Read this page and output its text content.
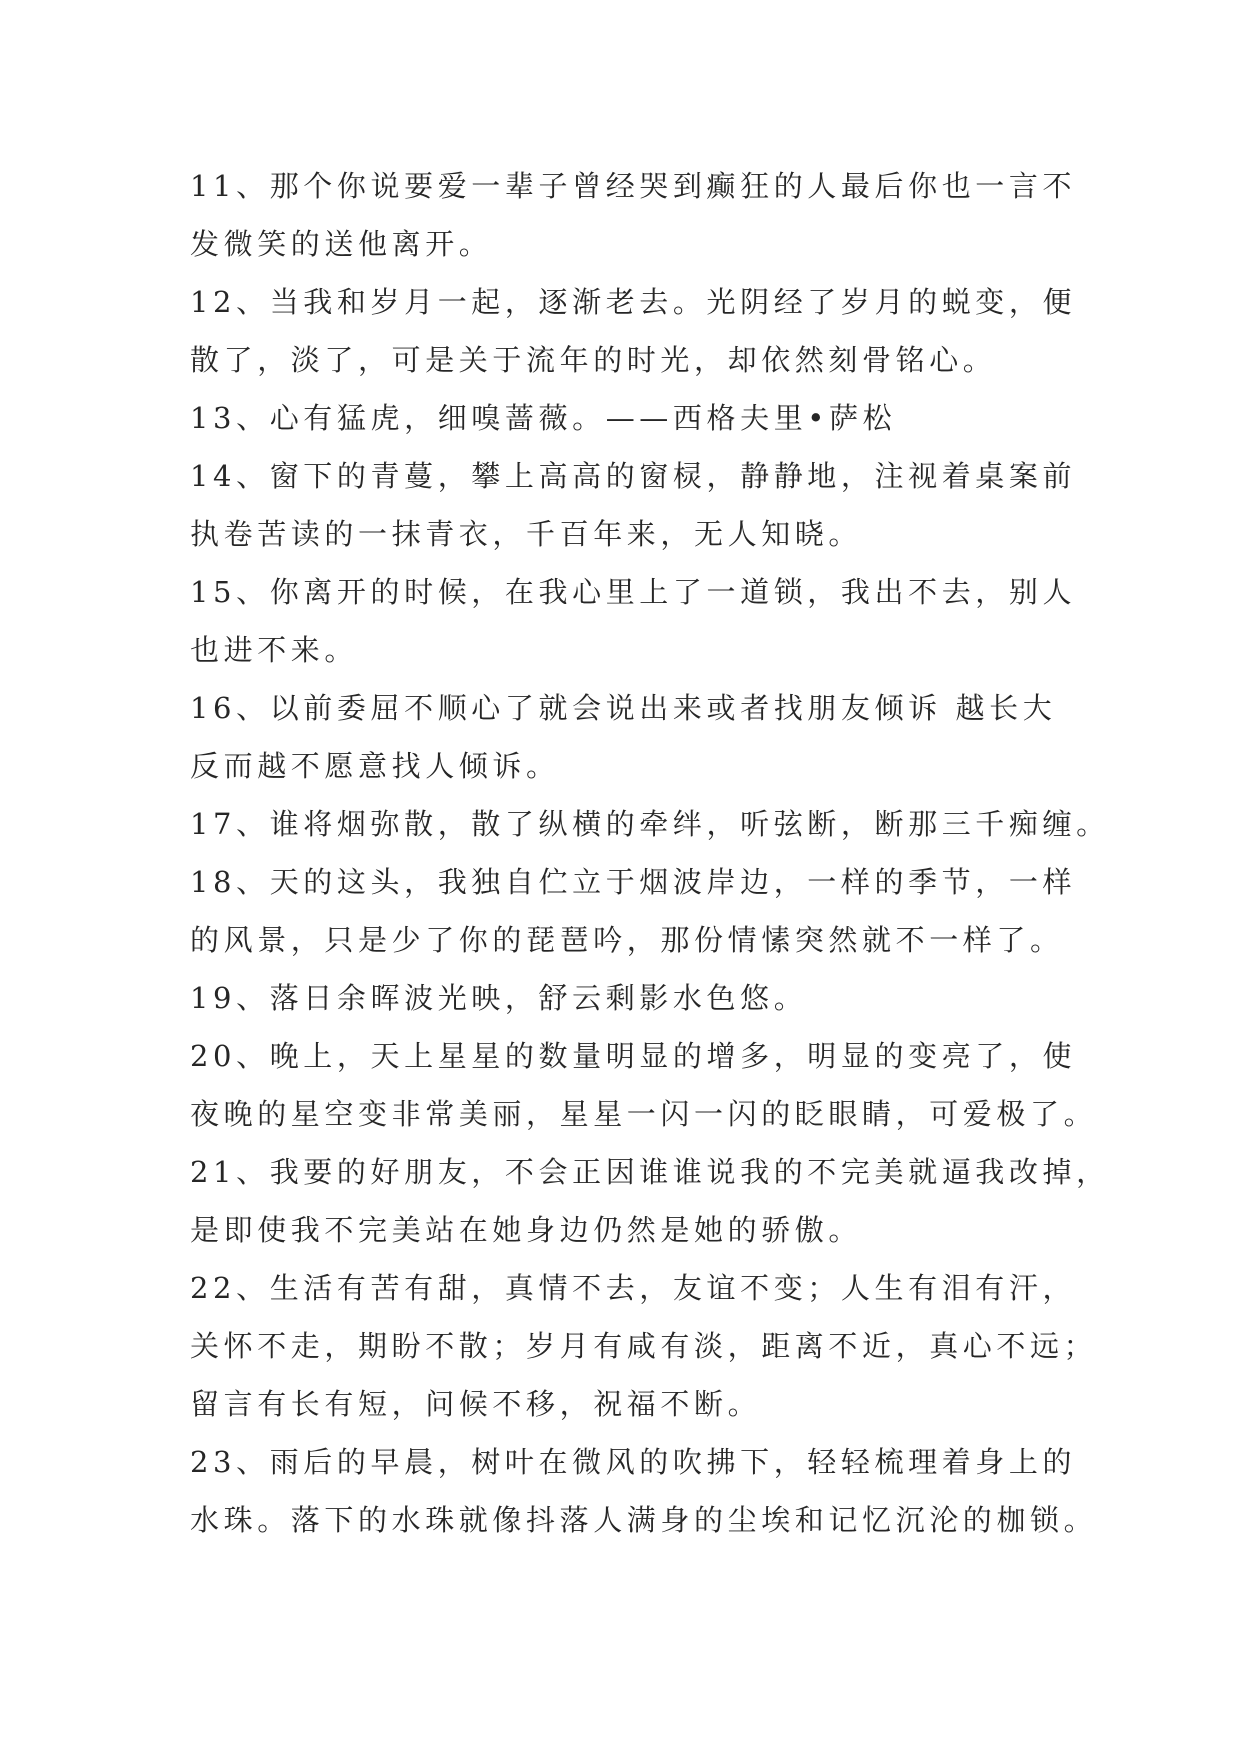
11、那个你说要爱一辈子曾经哭到癫狂的人最后你也一言不
发微笑的送他离开。
12、当我和岁月一起，逐渐老去。光阴经了岁月的蜕变，便
散了，淡了，可是关于流年的时光，却依然刻骨铭心。
13、心有猛虎，细嗅蔷薇。——西格夫里•萨松
14、窗下的青蔓，攀上高高的窗棂，静静地，注视着桌案前
执卷苦读的一抹青衣，千百年来，无人知晓。
15、你离开的时候，在我心里上了一道锁，我出不去，别人
也进不来。
16、以前委屈不顺心了就会说出来或者找朋友倾诉 越长大
反而越不愿意找人倾诉。
17、谁将烟弥散，散了纵横的牵绊，听弦断，断那三千痴缠。
18、天的这头，我独自伫立于烟波岸边，一样的季节，一样
的风景，只是少了你的琵琶吟，那份情愫突然就不一样了。
19、落日余晖波光映，舒云剩影水色悠。
20、晚上，天上星星的数量明显的增多，明显的变亮了，使
夜晚的星空变非常美丽，星星一闪一闪的眨眼睛，可爱极了。
21、我要的好朋友，不会正因谁谁说我的不完美就逼我改掉，
是即使我不完美站在她身边仍然是她的骄傲。
22、生活有苦有甜，真情不去，友谊不变；人生有泪有汗，
关怀不走，期盼不散；岁月有咸有淡，距离不近，真心不远；
留言有长有短，问候不移，祝福不断。
23、雨后的早晨，树叶在微风的吹拂下，轻轻梳理着身上的
水珠。落下的水珠就像抖落人满身的尘埃和记忆沉沦的枷锁。
